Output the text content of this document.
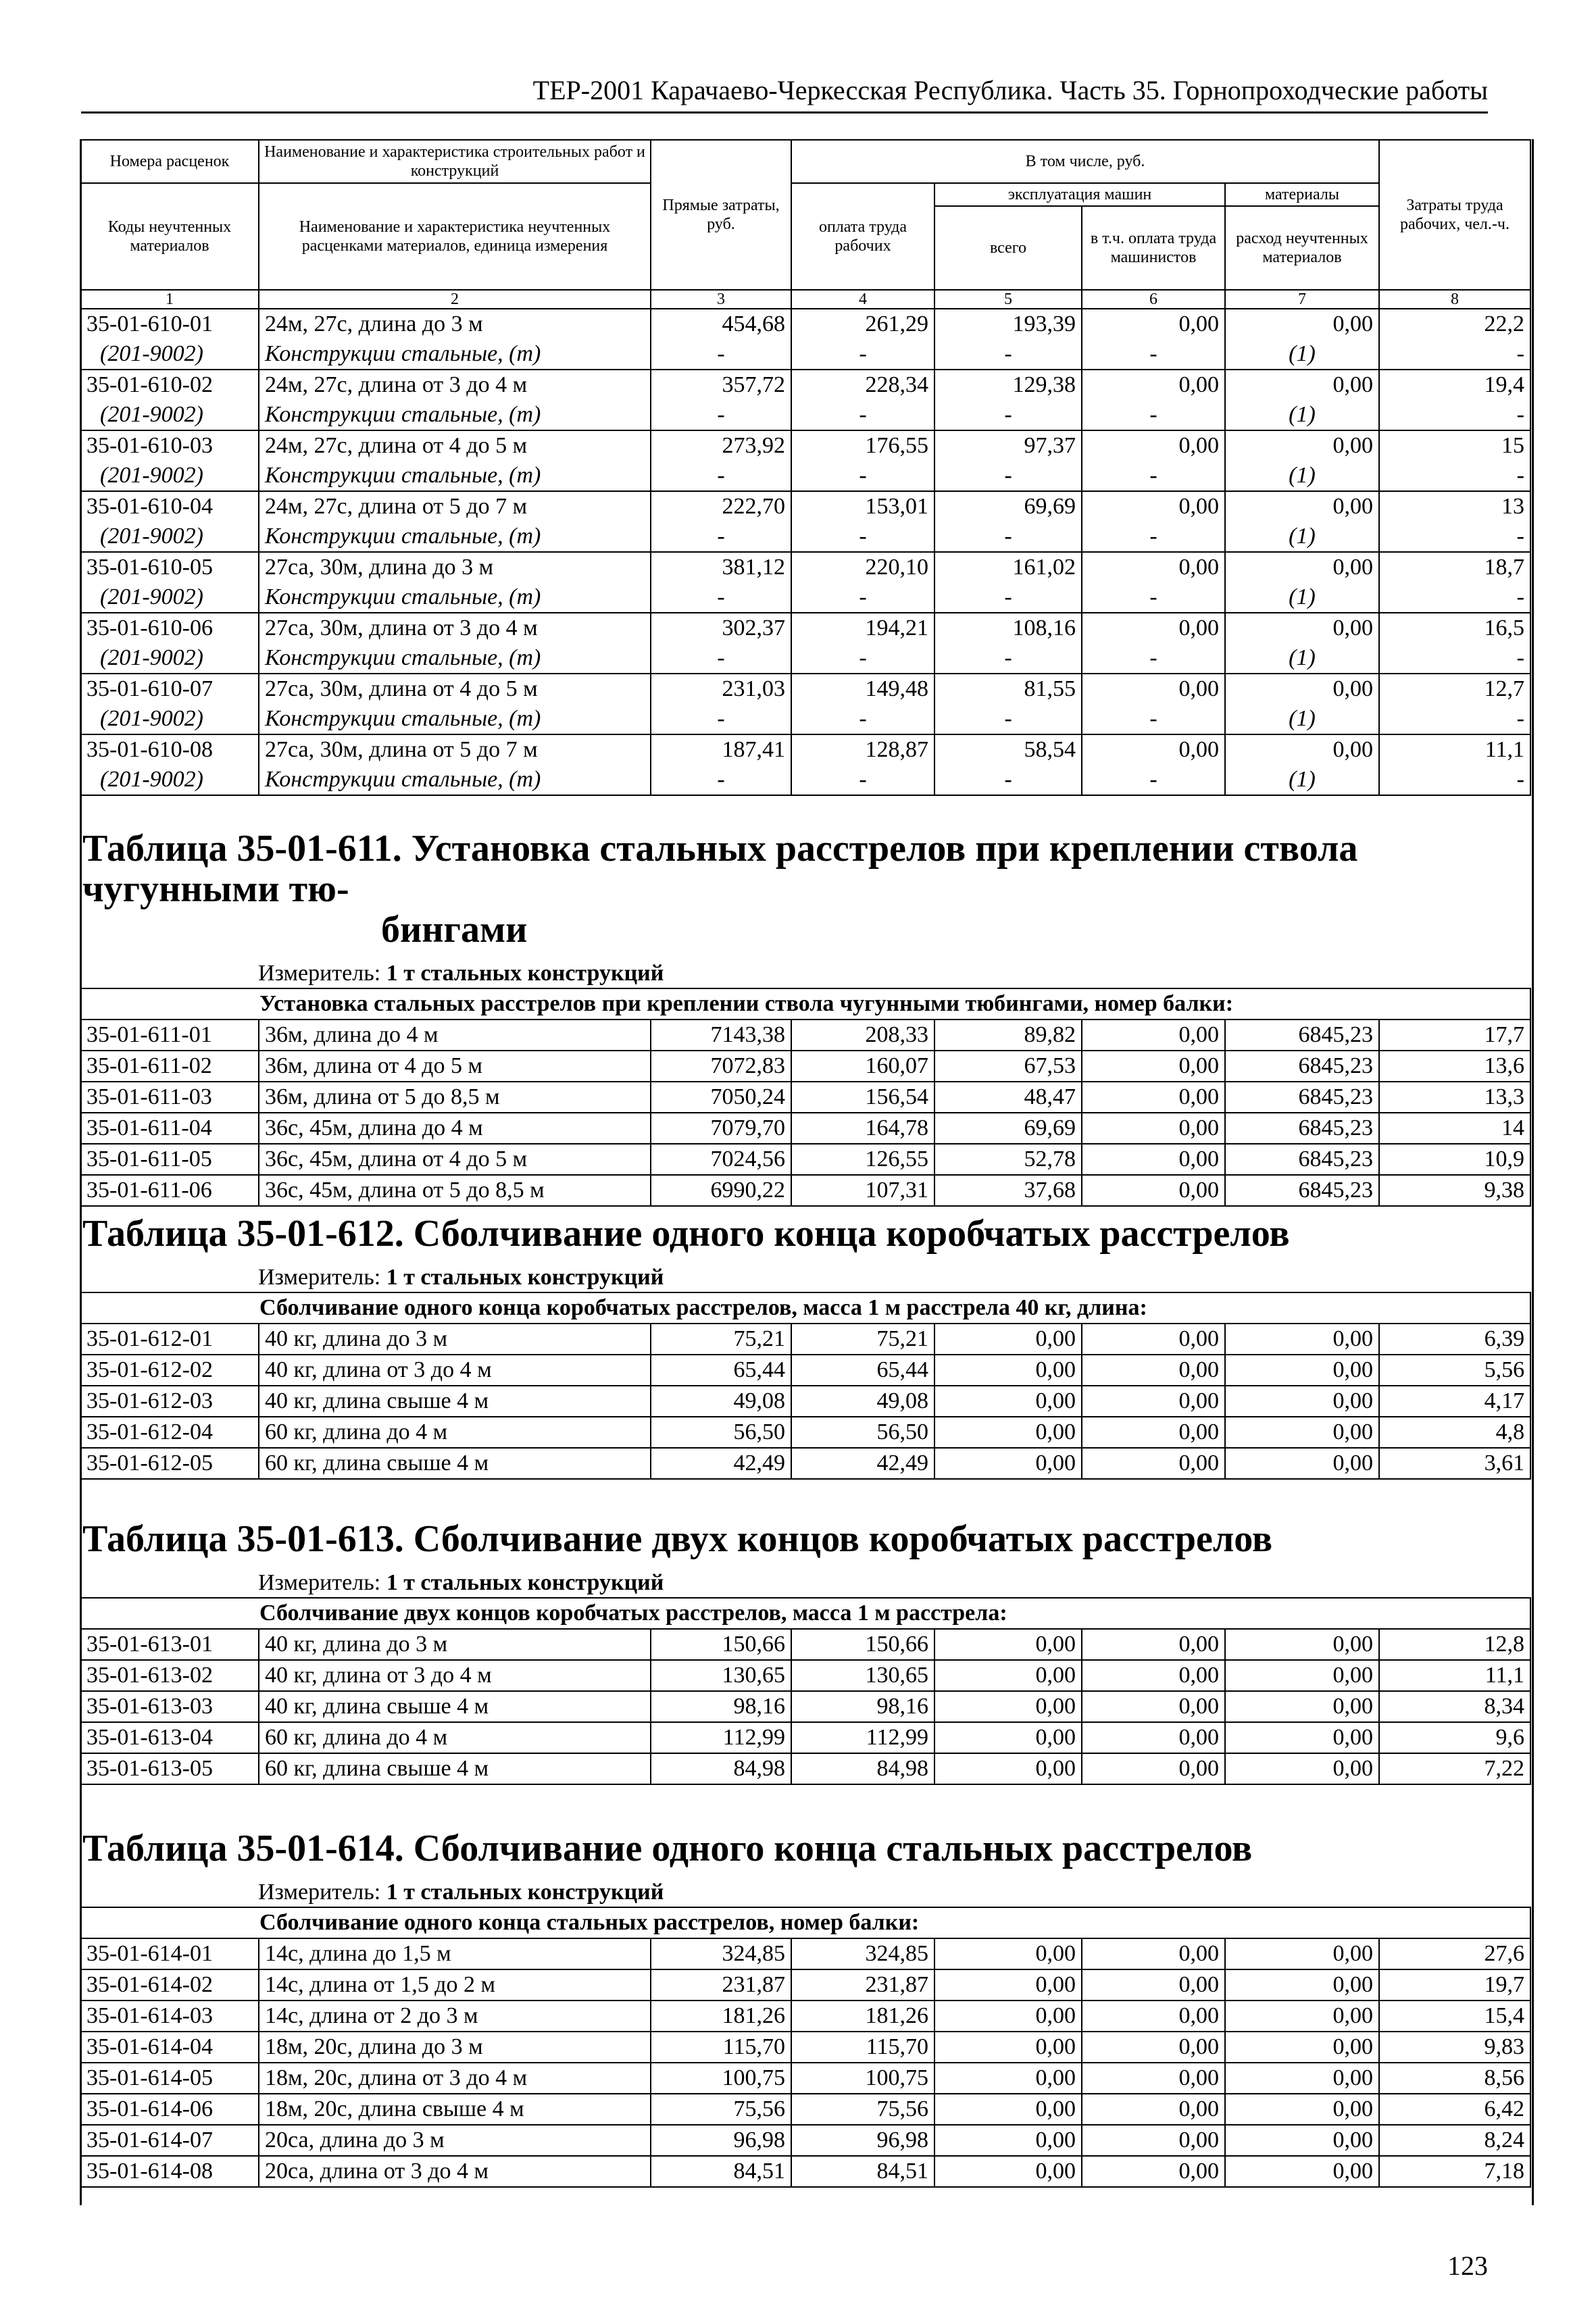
ТЕР-2001 Карачаево-Черкесская Республика. Часть 35. Горнопроходческие работы
Номера расценок	Наименование и характеристика строительных работ и конструкций	Прямые затраты, руб.	В том числе, руб.				Затраты труда рабочих, чел.-ч.
Коды неучтенных материалов	Наименование и характеристика неучтенных расценками материалов, единица измерения		оплата труда рабочих	эксплуатация машин		материалы	
				всего	в т.ч. оплата труда машинистов	расход неучтенных материалов	
1	2	3	4	5	6	7	8
35-01-610-01	24м, 27с, длина до 3 м	454,68	261,29	193,39	0,00	0,00	22,2
(201-9002)	Конструкции стальные, (т)	-	-	-	-	(1)	-
35-01-610-02	24м, 27с, длина от 3 до 4 м	357,72	228,34	129,38	0,00	0,00	19,4
(201-9002)	Конструкции стальные, (т)	-	-	-	-	(1)	-
35-01-610-03	24м, 27с, длина от 4 до 5 м	273,92	176,55	97,37	0,00	0,00	15
(201-9002)	Конструкции стальные, (т)	-	-	-	-	(1)	-
35-01-610-04	24м, 27с, длина от 5 до 7 м	222,70	153,01	69,69	0,00	0,00	13
(201-9002)	Конструкции стальные, (т)	-	-	-	-	(1)	-
35-01-610-05	27са, 30м, длина до 3 м	381,12	220,10	161,02	0,00	0,00	18,7
(201-9002)	Конструкции стальные, (т)	-	-	-	-	(1)	-
35-01-610-06	27са, 30м, длина от 3 до 4 м	302,37	194,21	108,16	0,00	0,00	16,5
(201-9002)	Конструкции стальные, (т)	-	-	-	-	(1)	-
35-01-610-07	27са, 30м, длина от 4 до 5 м	231,03	149,48	81,55	0,00	0,00	12,7
(201-9002)	Конструкции стальные, (т)	-	-	-	-	(1)	-
35-01-610-08	27са, 30м, длина от 5 до 7 м	187,41	128,87	58,54	0,00	0,00	11,1
(201-9002)	Конструкции стальные, (т)	-	-	-	-	(1)	-
Таблица 35-01-611. Установка стальных расстрелов при креплении ствола чугунными тю-
бингами
Измеритель: 1 т стальных конструкций
Установка стальных расстрелов при креплении ствола чугунными тюбингами, номер балки:							
35-01-611-01	36м, длина до 4 м	7143,38	208,33	89,82	0,00	6845,23	17,7
35-01-611-02	36м, длина от 4 до 5 м	7072,83	160,07	67,53	0,00	6845,23	13,6
35-01-611-03	36м, длина от 5 до 8,5 м	7050,24	156,54	48,47	0,00	6845,23	13,3
35-01-611-04	36с, 45м, длина до 4 м	7079,70	164,78	69,69	0,00	6845,23	14
35-01-611-05	36с, 45м, длина от 4 до 5 м	7024,56	126,55	52,78	0,00	6845,23	10,9
35-01-611-06	36с, 45м, длина от 5 до 8,5 м	6990,22	107,31	37,68	0,00	6845,23	9,38
Таблица 35-01-612. Сболчивание одного конца коробчатых расстрелов
Измеритель: 1 т стальных конструкций
Сболчивание одного конца коробчатых расстрелов, масса 1 м расстрела 40 кг, длина:							
35-01-612-01	40 кг, длина до 3 м	75,21	75,21	0,00	0,00	0,00	6,39
35-01-612-02	40 кг, длина от 3 до 4 м	65,44	65,44	0,00	0,00	0,00	5,56
35-01-612-03	40 кг, длина свыше 4 м	49,08	49,08	0,00	0,00	0,00	4,17
35-01-612-04	60 кг, длина до 4 м	56,50	56,50	0,00	0,00	0,00	4,8
35-01-612-05	60 кг, длина свыше 4 м	42,49	42,49	0,00	0,00	0,00	3,61
Таблица 35-01-613. Сболчивание двух концов коробчатых расстрелов
Измеритель: 1 т стальных конструкций
Сболчивание двух концов коробчатых расстрелов, масса 1 м расстрела:							
35-01-613-01	40 кг, длина до 3 м	150,66	150,66	0,00	0,00	0,00	12,8
35-01-613-02	40 кг, длина от 3 до 4 м	130,65	130,65	0,00	0,00	0,00	11,1
35-01-613-03	40 кг, длина свыше 4 м	98,16	98,16	0,00	0,00	0,00	8,34
35-01-613-04	60 кг, длина до 4 м	112,99	112,99	0,00	0,00	0,00	9,6
35-01-613-05	60 кг, длина свыше 4 м	84,98	84,98	0,00	0,00	0,00	7,22
Таблица 35-01-614. Сболчивание одного конца стальных расстрелов
Измеритель: 1 т стальных конструкций
Сболчивание одного конца стальных расстрелов, номер балки:							
35-01-614-01	14с, длина до 1,5 м	324,85	324,85	0,00	0,00	0,00	27,6
35-01-614-02	14с, длина от 1,5 до 2 м	231,87	231,87	0,00	0,00	0,00	19,7
35-01-614-03	14с, длина от 2 до 3 м	181,26	181,26	0,00	0,00	0,00	15,4
35-01-614-04	18м, 20с, длина до 3 м	115,70	115,70	0,00	0,00	0,00	9,83
35-01-614-05	18м, 20с, длина от 3 до 4 м	100,75	100,75	0,00	0,00	0,00	8,56
35-01-614-06	18м, 20с, длина свыше 4 м	75,56	75,56	0,00	0,00	0,00	6,42
35-01-614-07	20са, длина до 3 м	96,98	96,98	0,00	0,00	0,00	8,24
35-01-614-08	20са, длина от 3 до 4 м	84,51	84,51	0,00	0,00	0,00	7,18
123
